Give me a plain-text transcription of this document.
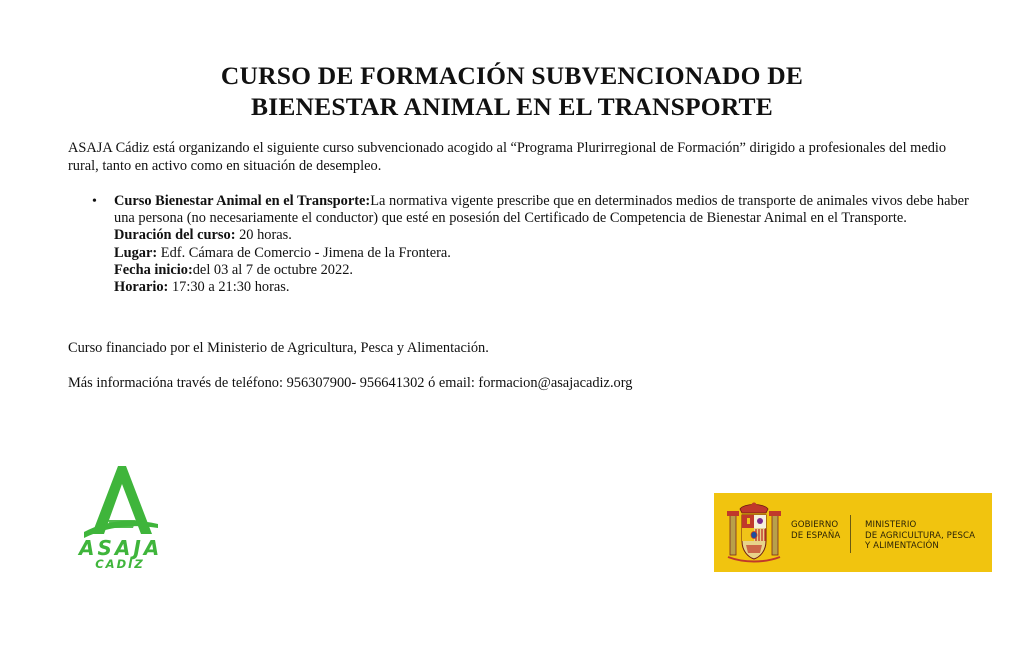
CURSO DE FORMACIÓN SUBVENCIONADO DE
BIENESTAR ANIMAL EN EL TRANSPORTE
ASAJA Cádiz está organizando el siguiente curso subvencionado acogido al “Programa Plurirregional de Formación” dirigido a profesionales del medio rural, tanto en activo como en situación de desempleo.
• Curso Bienestar Animal en el Transporte:La normativa vigente prescribe que en determinados medios de transporte de animales vivos debe haber una persona (no necesariamente el conductor) que esté en posesión del Certificado de Competencia de Bienestar Animal en el Transporte.

Duración del curso: 20 horas.

Lugar: Edf. Cámara de Comercio - Jimena de la Frontera.

Fecha inicio:del 03 al 7 de octubre 2022.

Horario: 17:30 a 21:30 horas.

Curso financiado por el Ministerio de Agricultura, Pesca y Alimentación.
Más informacióna través de teléfono: 956307900- 956641302 ó email: formacion@asajacadiz.org
ASAJA
CADIZ
GOBIERNO
DE ESPAÑA
MINISTERIO
DE AGRICULTURA, PESCA
Y ALIMENTACIÓN
